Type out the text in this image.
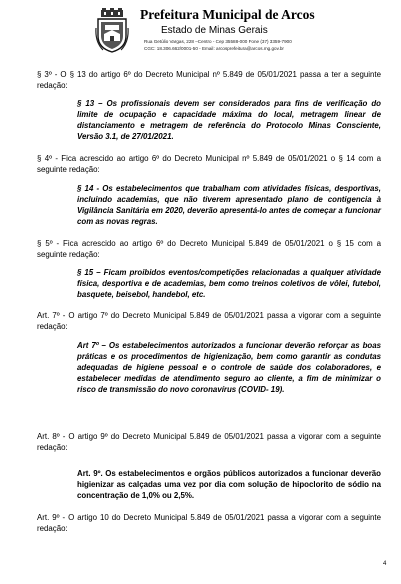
Prefeitura Municipal de Arcos
Estado de Minas Gerais
Rua Getúlio Vargas, 228 –Centro - Cep 35588-000 Fone (37) 3359-7900
CGC: 18.306.662/0001-50 - Email: arcosprefeitura@arcos.mg.gov.br
§ 3º - O § 13 do artigo 6º do Decreto Municipal nº 5.849 de 05/01/2021 passa a ter a seguinte redação:
§ 13 – Os profissionais devem ser considerados para fins de verificação do limite de ocupação e capacidade máxima do local, metragem linear de distanciamento e metragem de referência do Protocolo Minas Consciente, Versão 3.1, de 27/01/2021.
§ 4º - Fica acrescido ao artigo 6º do Decreto Municipal nº 5.849 de 05/01/2021 o § 14 com a seguinte redação:
§ 14 - Os estabelecimentos que trabalham com atividades físicas, desportivas, incluindo academias, que não tiverem apresentado plano de contigencia à Vigilância Sanitária em 2020, deverão apresentá-lo antes de começar a funcionar com as novas regras.
§ 5º - Fica acrescido ao artigo 6º do Decreto Municipal 5.849 de 05/01/2021 o § 15 com a seguinte redação:
§ 15 – Ficam proibidos eventos/competições relacionadas a qualquer atividade física, desportiva e de academias, bem como treinos coletivos de vôlei, futebol, basquete, beisebol, handebol, etc.
Art. 7º - O artigo 7º do Decreto Municipal 5.849 de 05/01/2021 passa a vigorar com a seguinte redação:
Art 7º – Os estabelecimentos autorizados a funcionar deverão reforçar as boas práticas e os procedimentos de higienização, bem como garantir as condutas adequadas de higiene pessoal e o controle de saúde dos colaboradores, e estabelecer medidas de atendimento seguro ao cliente, a fim de minimizar o risco de transmissão do novo coronavírus (COVID- 19).
Art. 8º - O artigo 9º do Decreto Municipal 5.849 de 05/01/2021 passa a vigorar com a seguinte redação:
Art. 9º. Os estabelecimentos e orgãos públicos autorizados a funcionar deverão higienizar as calçadas uma vez por dia com solução de hipoclorito de sódio na concentração de 1,0% ou 2,5%.
Art. 9º - O artigo 10 do Decreto Municipal 5.849 de 05/01/2021 passa a vigorar com a seguinte redação:
4
